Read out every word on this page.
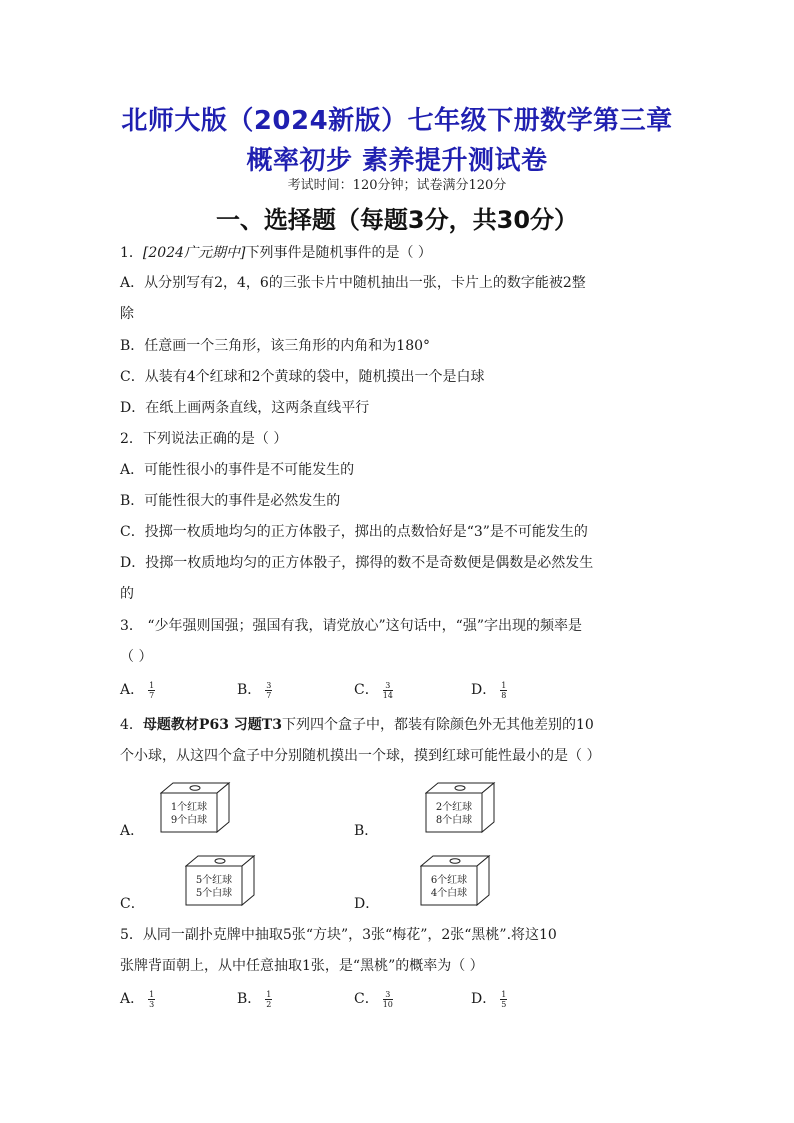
北师大版（2024新版）七年级下册数学第三章
概率初步 素养提升测试卷
考试时间：120分钟；试卷满分120分
一、选择题（每题3分，共30分）
1．[2024广元期中]下列事件是随机事件的是（ ）
A．从分别写有2，4，6的三张卡片中随机抽出一张，卡片上的数字能被2整
除
B．任意画一个三角形，该三角形的内角和为180°
C．从装有4个红球和2个黄球的袋中，随机摸出一个是白球
D．在纸上画两条直线，这两条直线平行
2．下列说法正确的是（ ）
A．可能性很小的事件是不可能发生的
B．可能性很大的事件是必然发生的
C．投掷一枚质地均匀的正方体骰子，掷出的点数恰好是“3”是不可能发生的
D．投掷一枚质地均匀的正方体骰子，掷得的数不是奇数便是偶数是必然发生
的
3． “少年强则国强；强国有我，请党放心”这句话中，“强”字出现的频率是
（ ）
A． $\frac{1}{7}$	B． $\frac{3}{7}$	C． $\frac{3}{14}$	D． $\frac{1}{8}$
4．母题教材P63 习题T3下列四个盒子中，都装有除颜色外无其他差别的10
个小球，从这四个盒子中分别随机摸出一个球，摸到红球可能性最小的是（ ）
A．
1个红球
9个白球
B．
2个红球
8个白球
C．
5个红球
5个白球
D．
6个红球
4个白球
5．从同一副扑克牌中抽取5张“方块”，3张“梅花”，2张“黑桃”.将这10
张牌背面朝上，从中任意抽取1张，是“黑桃”的概率为（ ）
A． $\frac{1}{3}$	B． $\frac{1}{2}$	C． $\frac{3}{10}$	D． $\frac{1}{5}$
